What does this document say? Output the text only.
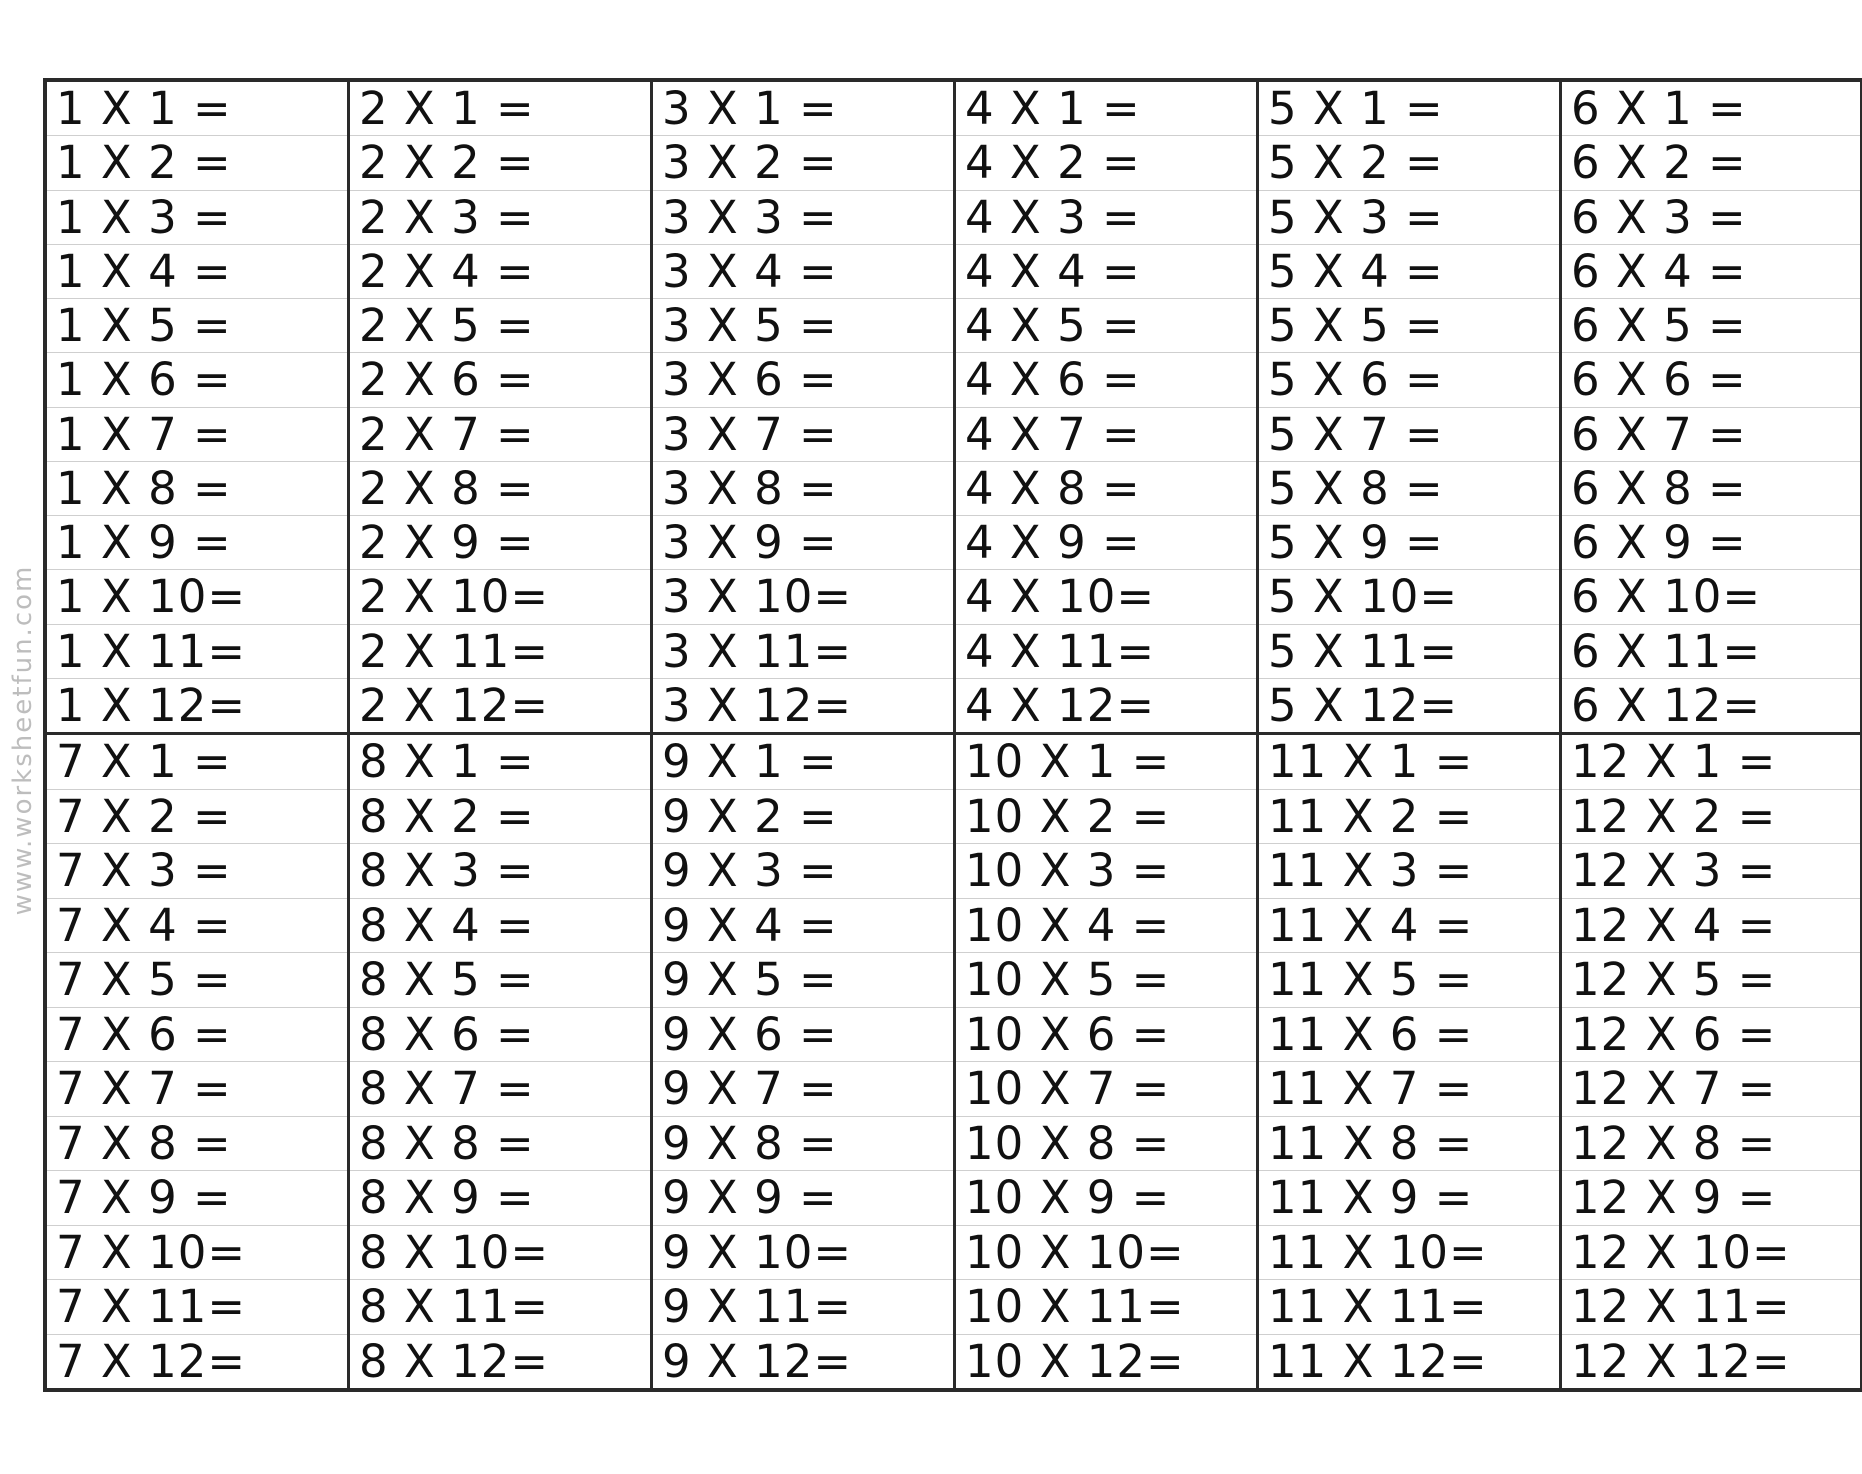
www.worksheetfun.com
1 X 1 =
1 X 2 =
1 X 3 =
1 X 4 =
1 X 5 =
1 X 6 =
1 X 7 =
1 X 8 =
1 X 9 =
1 X 10=
1 X 11=
1 X 12=
2 X 1 =
2 X 2 =
2 X 3 =
2 X 4 =
2 X 5 =
2 X 6 =
2 X 7 =
2 X 8 =
2 X 9 =
2 X 10=
2 X 11=
2 X 12=
3 X 1 =
3 X 2 =
3 X 3 =
3 X 4 =
3 X 5 =
3 X 6 =
3 X 7 =
3 X 8 =
3 X 9 =
3 X 10=
3 X 11=
3 X 12=
4 X 1 =
4 X 2 =
4 X 3 =
4 X 4 =
4 X 5 =
4 X 6 =
4 X 7 =
4 X 8 =
4 X 9 =
4 X 10=
4 X 11=
4 X 12=
5 X 1 =
5 X 2 =
5 X 3 =
5 X 4 =
5 X 5 =
5 X 6 =
5 X 7 =
5 X 8 =
5 X 9 =
5 X 10=
5 X 11=
5 X 12=
6 X 1 =
6 X 2 =
6 X 3 =
6 X 4 =
6 X 5 =
6 X 6 =
6 X 7 =
6 X 8 =
6 X 9 =
6 X 10=
6 X 11=
6 X 12=
7 X 1 =
7 X 2 =
7 X 3 =
7 X 4 =
7 X 5 =
7 X 6 =
7 X 7 =
7 X 8 =
7 X 9 =
7 X 10=
7 X 11=
7 X 12=
8 X 1 =
8 X 2 =
8 X 3 =
8 X 4 =
8 X 5 =
8 X 6 =
8 X 7 =
8 X 8 =
8 X 9 =
8 X 10=
8 X 11=
8 X 12=
9 X 1 =
9 X 2 =
9 X 3 =
9 X 4 =
9 X 5 =
9 X 6 =
9 X 7 =
9 X 8 =
9 X 9 =
9 X 10=
9 X 11=
9 X 12=
10 X 1 =
10 X 2 =
10 X 3 =
10 X 4 =
10 X 5 =
10 X 6 =
10 X 7 =
10 X 8 =
10 X 9 =
10 X 10=
10 X 11=
10 X 12=
11 X 1 =
11 X 2 =
11 X 3 =
11 X 4 =
11 X 5 =
11 X 6 =
11 X 7 =
11 X 8 =
11 X 9 =
11 X 10=
11 X 11=
11 X 12=
12 X 1 =
12 X 2 =
12 X 3 =
12 X 4 =
12 X 5 =
12 X 6 =
12 X 7 =
12 X 8 =
12 X 9 =
12 X 10=
12 X 11=
12 X 12=
